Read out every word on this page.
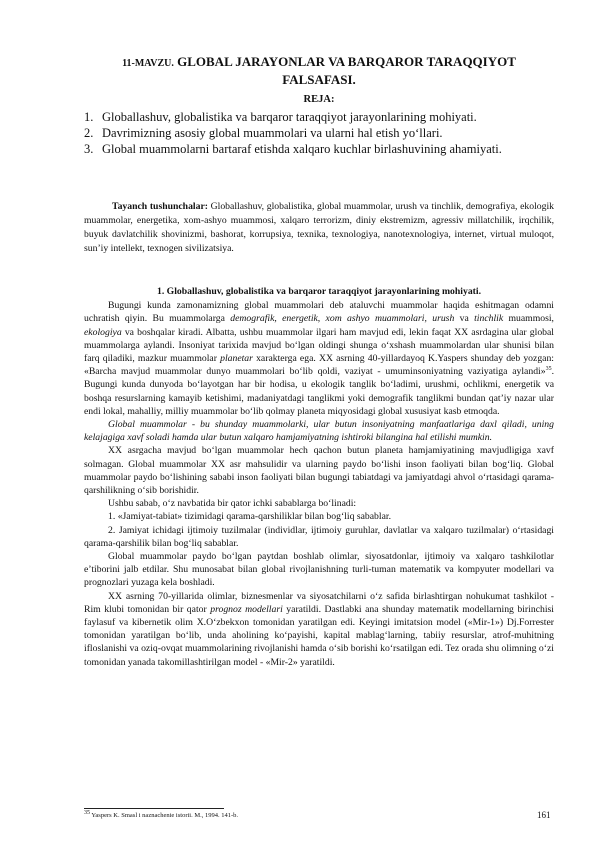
11-MAVZU. GLOBAL JARAYONLAR VA BARQAROR TARAQQIYOT FALSAFASI.
REJA:
1. Globallashuv, globalistika va barqaror taraqqiyot jarayonlarining mohiyati.
2. Davrimizning asosiy global muammolari va ularni hal etish yo‘llari.
3. Global muammolarni bartaraf etishda xalqaro kuchlar birlashuvining ahamiyati.
Tayanch tushunchalar: Globallashuv, globalistika, global muammolar, urush va tinchlik, demografiya, ekologik muammolar, energetika, xom-ashyo muammosi, xalqaro terrorizm, diniy ekstremizm, agressiv millatchilik, irqchilik, buyuk davlatchilik shovinizmi, bashorat, korrupsiya, texnika, texnologiya, nanotexnologiya, internet, virtual muloqot, sun’iy intellekt, texnogen sivilizatsiya.
1. Globallashuv, globalistika va barqaror taraqqiyot jarayonlarining mohiyati.

Bugungi kunda zamonamizning global muammolari deb ataluvchi muammolar haqida eshitmagan odamni uchratish qiyin. Bu muammolarga demografik, energetik, xom ashyo muammolari, urush va tinchlik muammosi, ekologiya va boshqalar kiradi. Albatta, ushbu muammolar ilgari ham mavjud edi, lekin faqat XX asrdagina ular global muammolarga aylandi. Insoniyat tarixida mavjud bo‘lgan oldingi shunga o‘xshash muammolardan ular shunisi bilan farq qiladiki, mazkur muammolar planetar xarakterga ega. XX asrning 40-yillardayoq K.Yaspers shunday deb yozgan: «Barcha mavjud muammolar dunyo muammolari bo‘lib qoldi, vaziyat - umuminsoniyatning vaziyatiga aylandi»$^{35}$. Bugungi kunda dunyoda bo‘layotgan har bir hodisa, u ekologik tanglik bo‘ladimi, urushmi, ochlikmi, energetik va boshqa resurslarning kamayib ketishimi, madaniyatdagi tanglikmi yoki demografik tanglikmi bundan qat’iy nazar ular endi lokal, mahalliy, milliy muammolar bo‘lib qolmay planeta miqyosidagi global xususiyat kasb etmoqda.

Global muammolar - bu shunday muammolarki, ular butun insoniyatning manfaatlariga daxl qiladi, uning kelajagiga xavf soladi hamda ular butun xalqaro hamjamiyatning ishtiroki bilangina hal etilishi mumkin.

XX asrgacha mavjud bo‘lgan muammolar hech qachon butun planeta hamjamiyatining mavjudligiga xavf solmagan. Global muammolar XX asr mahsulidir va ularning paydo bo‘lishi inson faoliyati bilan bog‘liq. Global muammolar paydo bo‘lishining sababi inson faoliyati bilan bugungi tabiatdagi va jamiyatdagi ahvol o‘rtasidagi qarama-qarshilikning o‘sib borishidir.

Ushbu sabab, o‘z navbatida bir qator ichki sabablarga bo‘linadi:

1. «Jamiyat-tabiat» tizimidagi qarama-qarshiliklar bilan bog‘liq sabablar.

2. Jamiyat ichidagi ijtimoiy tuzilmalar (individlar, ijtimoiy guruhlar, davlatlar va xalqaro tuzilmalar) o‘rtasidagi qarama-qarshilik bilan bog‘liq sabablar.

Global muammolar paydo bo‘lgan paytdan boshlab olimlar, siyosatdonlar, ijtimoiy va xalqaro tashkilotlar e’tiborini jalb etdilar. Shu munosabat bilan global rivojlanishning turli-tuman matematik va kompyuter modellari va prognozlari yuzaga kela boshladi.

XX asrning 70-yillarida olimlar, biznesmenlar va siyosatchilarni o‘z safida birlashtirgan nohukumat tashkilot - Rim klubi tomonidan bir qator prognoz modellari yaratildi. Dastlabki ana shunday matematik modellarning birinchisi faylasuf va kibernetik olim X.O‘zbekxon tomonidan yaratilgan edi. Keyingi imitatsion model («Mir-1») Dj.Forrester tomonidan yaratilgan bo‘lib, unda aholining ko‘payishi, kapital mablag‘larning, tabiiy resurslar, atrof-muhitning ifloslanishi va oziq-ovqat muammolarining rivojlanishi hamda o‘sib borishi ko‘rsatilgan edi. Tez orada shu olimning o‘zi tomonidan yanada takomillashtirilgan model - «Mir-2» yaratildi.

$^{35}$ Yaspers K. Smasl i naznachenie istorii. M., 1994. 141-b.	161
